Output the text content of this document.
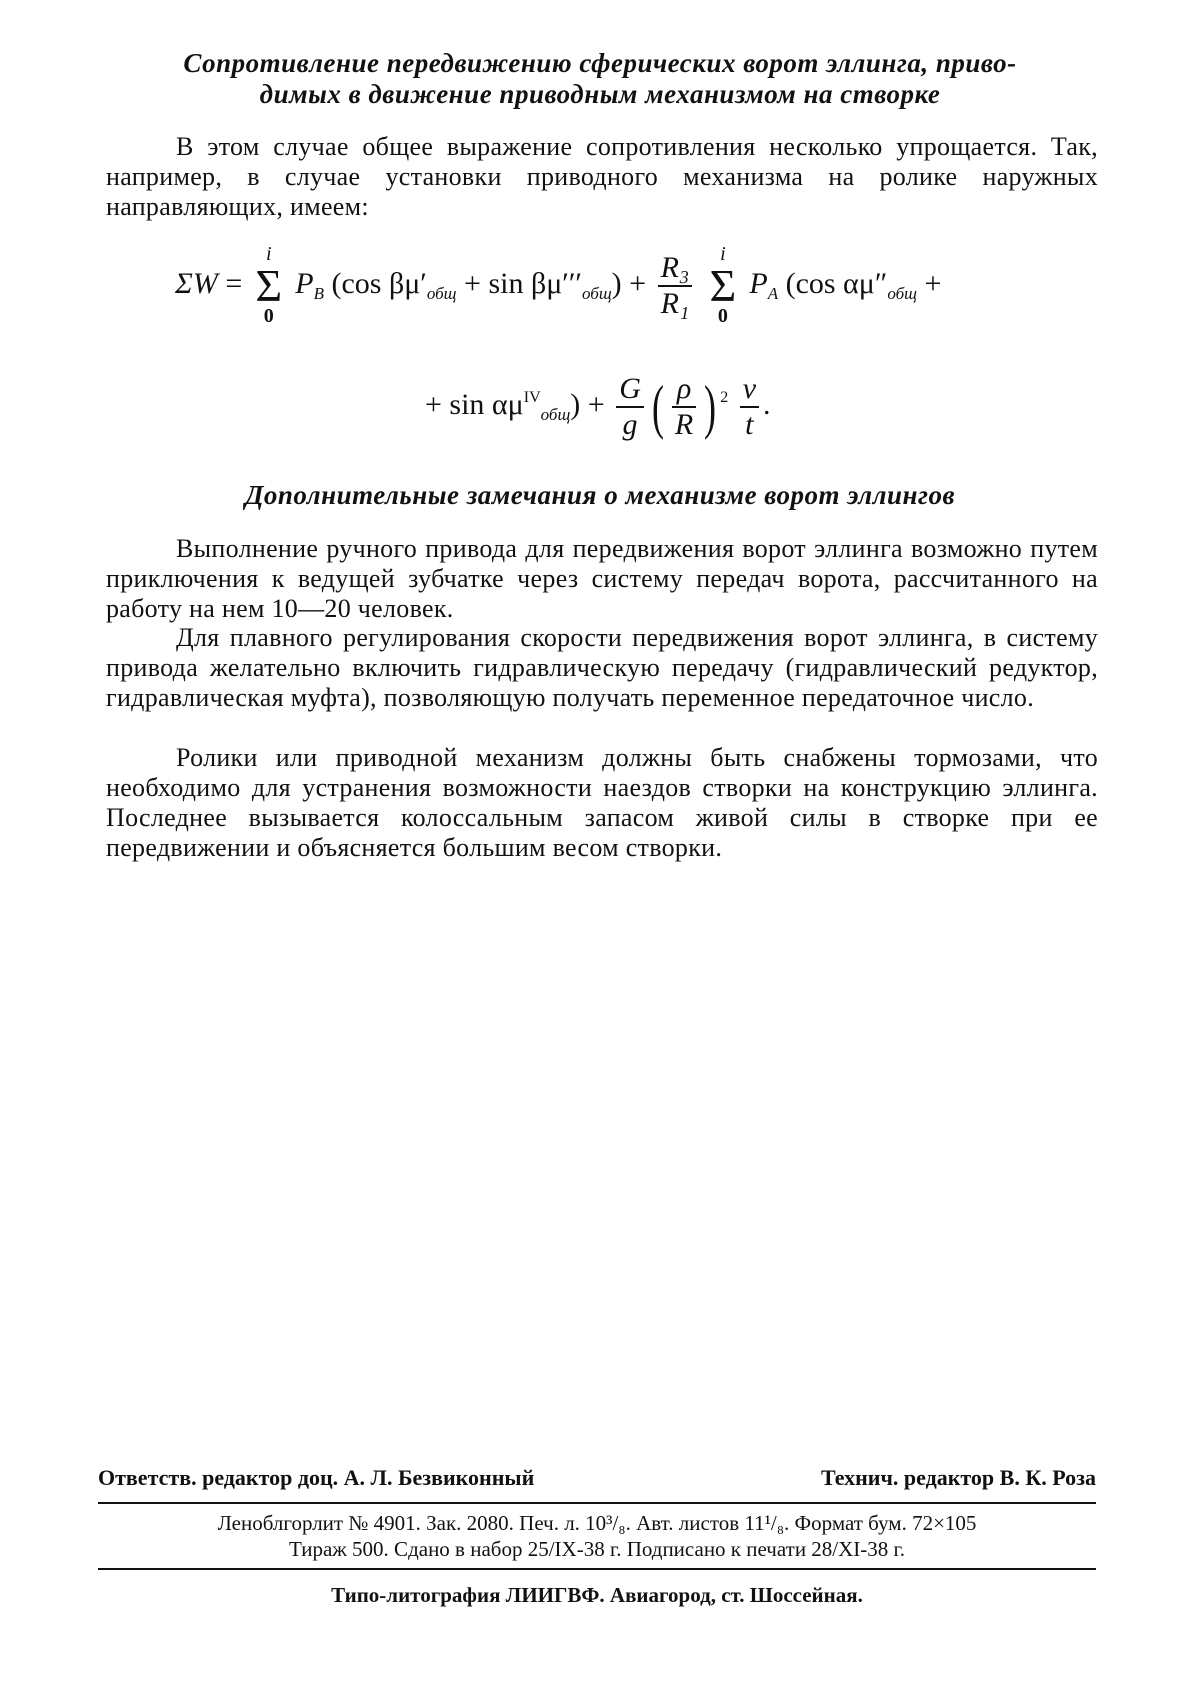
Сопротивление передвижению сферических ворот эллинга, приво-
димых в движение приводным механизмом на створке

В этом случае общее выражение сопротивления несколько упрощается. Так, например, в случае установки приводного механизма на ролике наружных направляющих, имеем:

ΣW =
i
Σ
0
$P_B$ (cos $\beta\mu'_{общ} + \sin \beta\mu'''_{общ}) + \frac{\text{R₃}}{\text{R₁}}$
	i
Σ
0
$P_A$ (cos $\alpha\mu''_{общ}$ +
+ $\sin \alpha\mu^{IV}_{общ}) + \frac{G}{g}$ ( $\frac{\rho}{R}$ ) $^2 \frac{v}{t}$ .
Дополнительные замечания о механизме ворот эллингов

Выполнение ручного привода для передвижения ворот эллинга возможно путем приключения к ведущей зубчатке через систему передач ворота, рассчитанного на работу на нем 10—20 человек.

Для плавного регулирования скорости передвижения ворот эллинга, в систему привода желательно включить гидравлическую передачу (гидравлический редуктор, гидравлическая муфта), позволяющую получать переменное передаточное число.

Ролики или приводной механизм должны быть снабжены тормозами, что необходимо для устранения возможности наездов створки на конструкцию эллинга. Последнее вызывается колоссальным запасом живой силы в створке при ее передвижении и объясняется большим весом створки.

Ответств. редактор доц. А. Л. Безвиконный	Технич. редактор В. К. Роза

Леноблгорлит № 4901. Зак. 2080. Печ. л. 10³/₈. Авт. листов 11¹/₈. Формат бум. 72×105

Тираж 500. Сдано в набор 25/IX-38 г. Подписано к печати 28/XI-38 г.

Типо-литография ЛИИГВФ. Авиагород, ст. Шоссейная.
